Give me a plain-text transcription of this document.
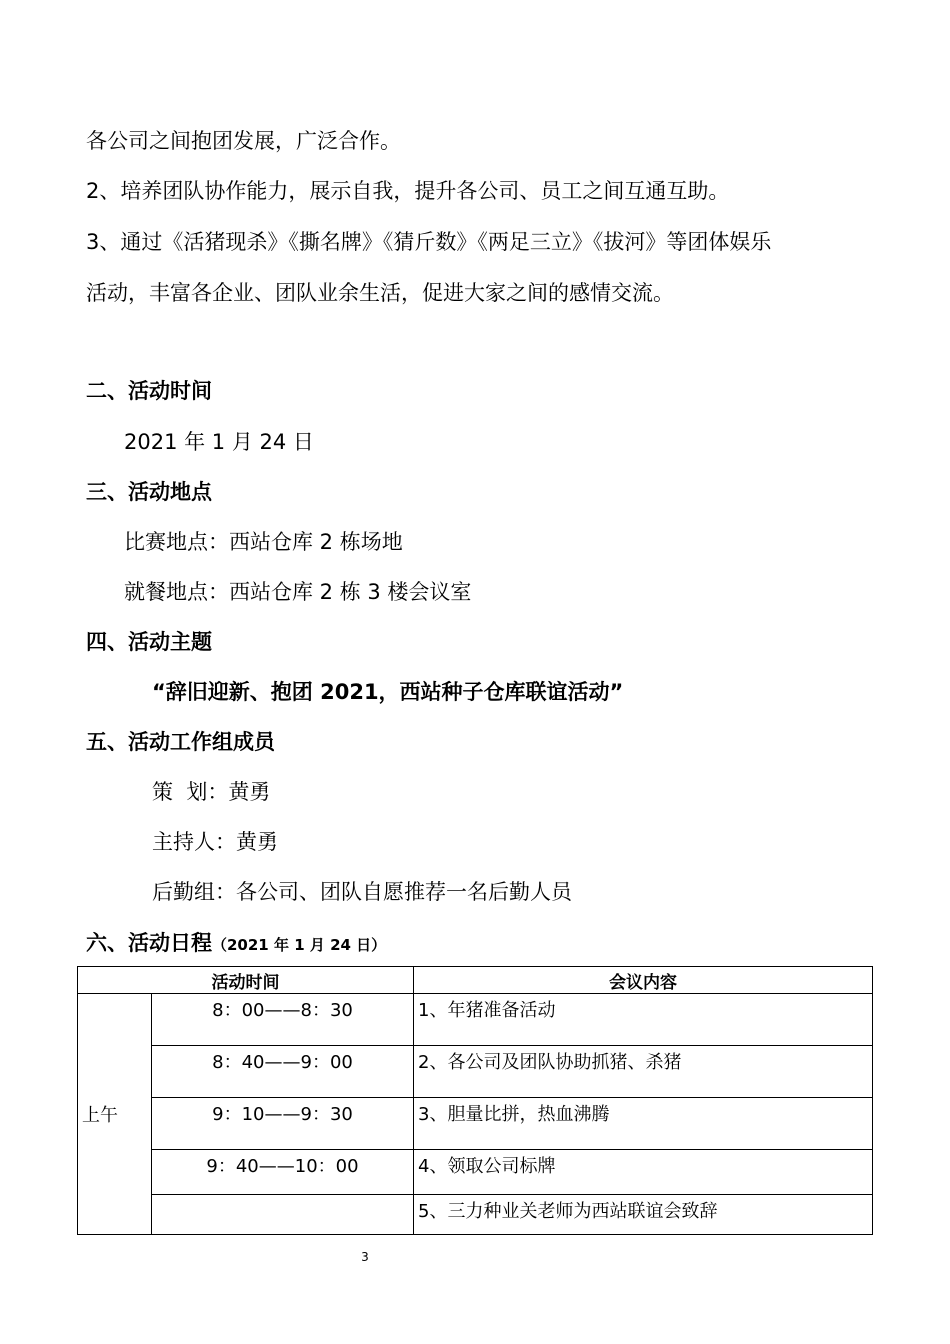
各公司之间抱团发展，广泛合作。
2、培养团队协作能力，展示自我，提升各公司、员工之间互通互助。
3、通过《活猪现杀》《撕名牌》《猜斤数》《两足三立》《拔河》等团体娱乐
活动，丰富各企业、团队业余生活，促进大家之间的感情交流。
二、活动时间
2021 年 1 月 24 日
三、活动地点
比赛地点：西站仓库 2 栋场地
就餐地点：西站仓库 2 栋 3 楼会议室
四、活动主题
“辞旧迎新、抱团 2021，西站种子仓库联谊活动”
五、活动工作组成员
策  划：黄勇
主持人：黄勇
后勤组：各公司、团队自愿推荐一名后勤人员
六、活动日程（2021 年 1 月 24 日）
活动时间		会议内容
上午	8：00——8：30	1、年猪准备活动
	8：40——9：00	2、各公司及团队协助抓猪、杀猪
	9：10——9：30	3、胆量比拼，热血沸腾
	9：40——10：00	4、领取公司标牌
		5、三力种业关老师为西站联谊会致辞
3
